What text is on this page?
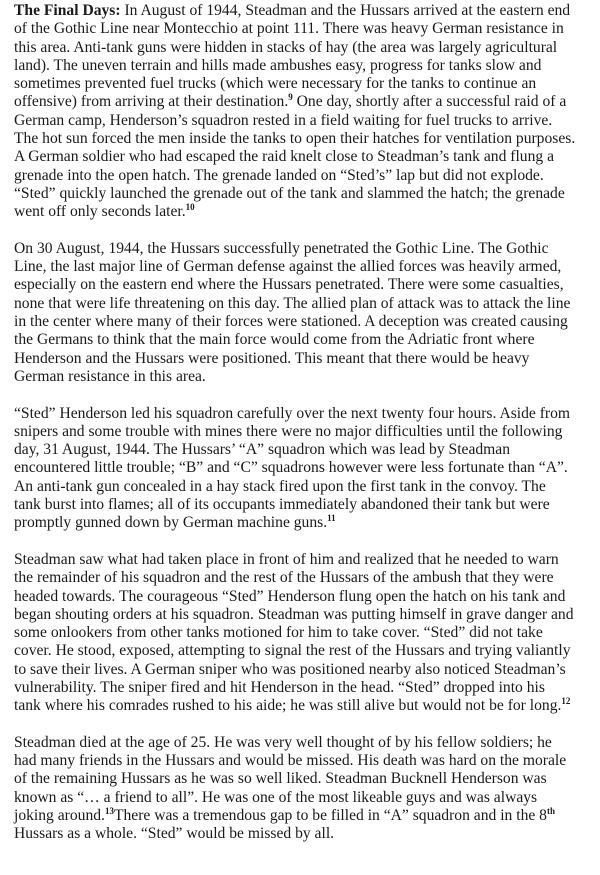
The Final Days: In August of 1944, Steadman and the Hussars arrived at the eastern end
of the Gothic Line near Montecchio at point 111. There was heavy German resistance in
this area. Anti-tank guns were hidden in stacks of hay (the area was largely agricultural
land). The uneven terrain and hills made ambushes easy, progress for tanks slow and
sometimes prevented fuel trucks (which were necessary for the tanks to continue an
offensive) from arriving at their destination.$^9$ One day, shortly after a successful raid of a
German camp, Henderson’s squadron rested in a field waiting for fuel trucks to arrive.
The hot sun forced the men inside the tanks to open their hatches for ventilation purposes.
A German soldier who had escaped the raid knelt close to Steadman’s tank and flung a
grenade into the open hatch. The grenade landed on “Sted’s” lap but did not explode.
“Sted” quickly launched the grenade out of the tank and slammed the hatch; the grenade
went off only seconds later.$^{10}$
On 30 August, 1944, the Hussars successfully penetrated the Gothic Line. The Gothic
Line, the last major line of German defense against the allied forces was heavily armed,
especially on the eastern end where the Hussars penetrated. There were some casualties,
none that were life threatening on this day. The allied plan of attack was to attack the line
in the center where many of their forces were stationed. A deception was created causing
the Germans to think that the main force would come from the Adriatic front where
Henderson and the Hussars were positioned. This meant that there would be heavy
German resistance in this area.
“Sted” Henderson led his squadron carefully over the next twenty four hours. Aside from
snipers and some trouble with mines there were no major difficulties until the following
day, 31 August, 1944. The Hussars’ “A” squadron which was lead by Steadman
encountered little trouble; “B” and “C” squadrons however were less fortunate than “A”.
An anti-tank gun concealed in a hay stack fired upon the first tank in the convoy. The
tank burst into flames; all of its occupants immediately abandoned their tank but were
promptly gunned down by German machine guns.$^{11}$
Steadman saw what had taken place in front of him and realized that he needed to warn
the remainder of his squadron and the rest of the Hussars of the ambush that they were
headed towards. The courageous “Sted” Henderson flung open the hatch on his tank and
began shouting orders at his squadron. Steadman was putting himself in grave danger and
some onlookers from other tanks motioned for him to take cover. “Sted” did not take
cover. He stood, exposed, attempting to signal the rest of the Hussars and trying valiantly
to save their lives. A German sniper who was positioned nearby also noticed Steadman’s
vulnerability. The sniper fired and hit Henderson in the head. “Sted” dropped into his
tank where his comrades rushed to his aide; he was still alive but would not be for long.$^{12}$
Steadman died at the age of 25. He was very well thought of by his fellow soldiers; he
had many friends in the Hussars and would be missed. His death was hard on the morale
of the remaining Hussars as he was so well liked. Steadman Bucknell Henderson was
known as “… a friend to all”. He was one of the most likeable guys and was always
joking around.$^{13}$There was a tremendous gap to be filled in “A” squadron and in the 8th
Hussars as a whole. “Sted” would be missed by all.
